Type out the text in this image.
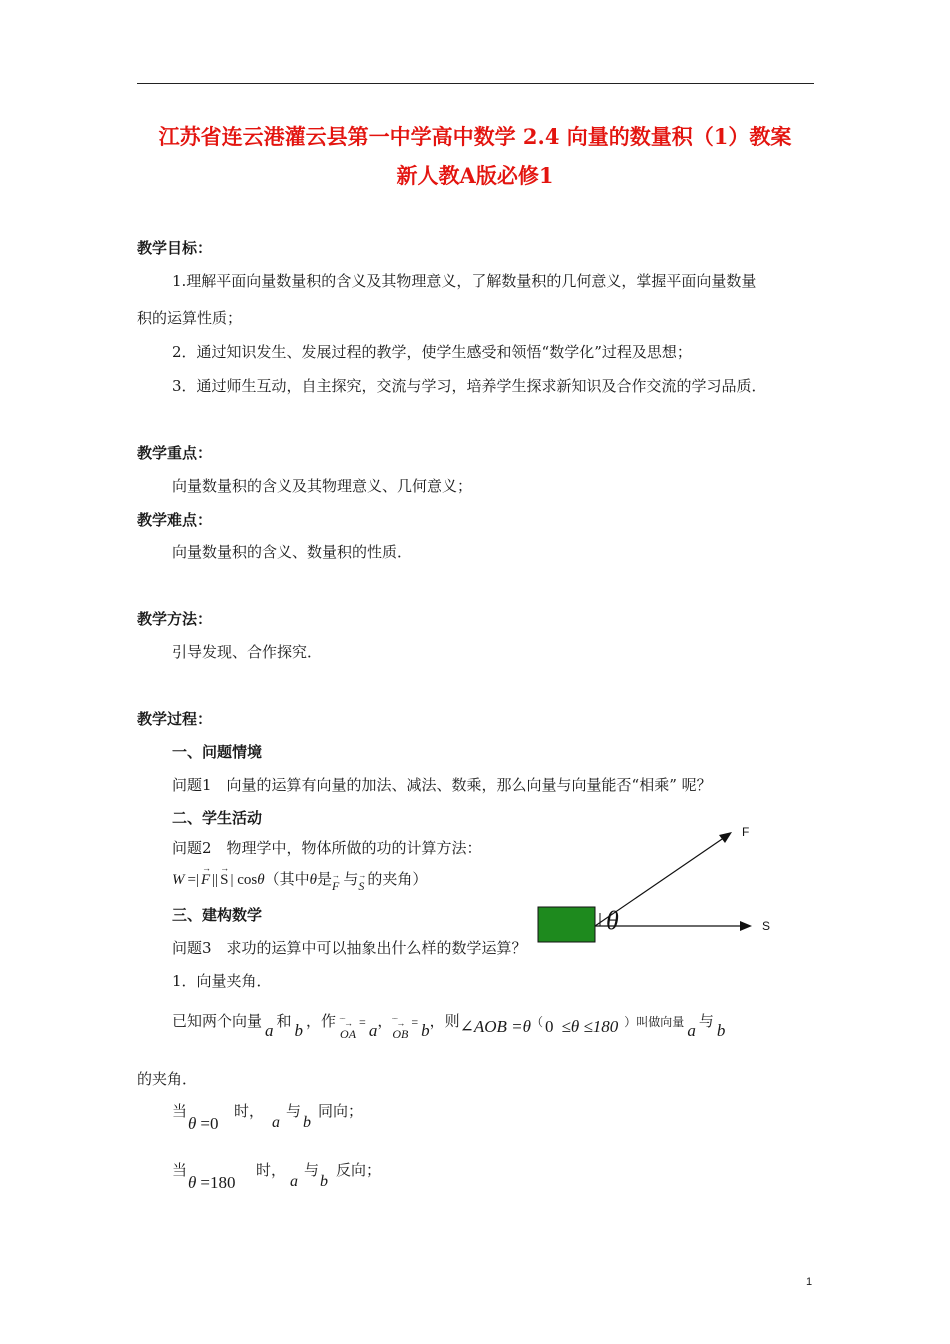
江苏省连云港灌云县第一中学高中数学 2.4 向量的数量积（1）教案
新人教A版必修1
教学目标：
1.理解平面向量数量积的含义及其物理意义，了解数量积的几何意义，掌握平面向量数量
积的运算性质；
2．通过知识发生、发展过程的教学，使学生感受和领悟“数学化”过程及思想；
3．通过师生互动，自主探究，交流与学习，培养学生探求新知识及合作交流的学习品质．
教学重点：
向量数量积的含义及其物理意义、几何意义；
教学难点：
向量数量积的含义、数量积的性质．
教学方法：
引导发现、合作探究．
教学过程：
一、问题情境
问题1　向量的运算有向量的加法、减法、数乘，那么向量与向量能否“相乘” 呢？
二、学生活动
问题2　物理学中，物体所做的功的计算方法：
W =|
→
F ||
→
S | cosθ（其中θ是 $_{\to F}$ 与 $_{\to S}$ 的夹角）
三、建构数学
问题3　求功的运算中可以抽象出什么样的数学运算？
1．向量夹角．
已知两个向量 a 和 b ，作 $_{‾‾\to OA}$= a， $_{‾‾\to OB}$= b，则∠AOB =θ（ 0 ≤θ ≤180 ）叫做向量 a 与 b
的夹角．
当
θ =0
时，
a
与
b
同向；
当
θ =180
时，
a
与
b
反向；
θ
F
S
1
